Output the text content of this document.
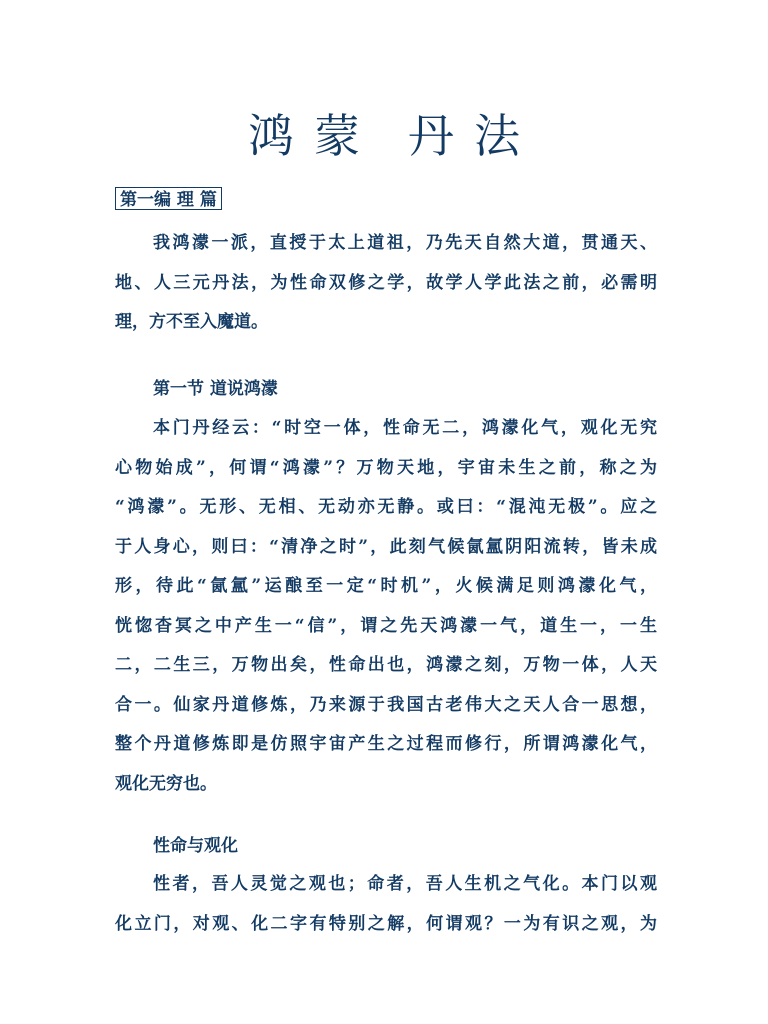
鸿 蒙 丹 法
第一编 理 篇
我鸿濛一派，直授于太上道祖，乃先天自然大道，贯通天、
地、人三元丹法，为性命双修之学，故学人学此法之前，必需明
理，方不至入魔道。
第一节 道说鸿濛
本门丹经云：“时空一体，性命无二，鸿濛化气，观化无究
心物始成”，何谓“鸿濛”？万物天地，宇宙未生之前，称之为
“鸿濛”。无形、无相、无动亦无静。或曰：“混沌无极”。应之
于人身心，则曰：“清净之时”，此刻气候氤氲阴阳流转，皆未成
形，待此“氤氲”运酿至一定“时机”，火候满足则鸿濛化气，
恍惚杳冥之中产生一“信”，谓之先天鸿濛一气，道生一，一生
二，二生三，万物出矣，性命出也，鸿濛之刻，万物一体，人天
合一。仙家丹道修炼，乃来源于我国古老伟大之天人合一思想，
整个丹道修炼即是仿照宇宙产生之过程而修行，所谓鸿濛化气，
观化无穷也。
性命与观化
性者，吾人灵觉之观也；命者，吾人生机之气化。本门以观
化立门，对观、化二字有特别之解，何谓观？一为有识之观，为
